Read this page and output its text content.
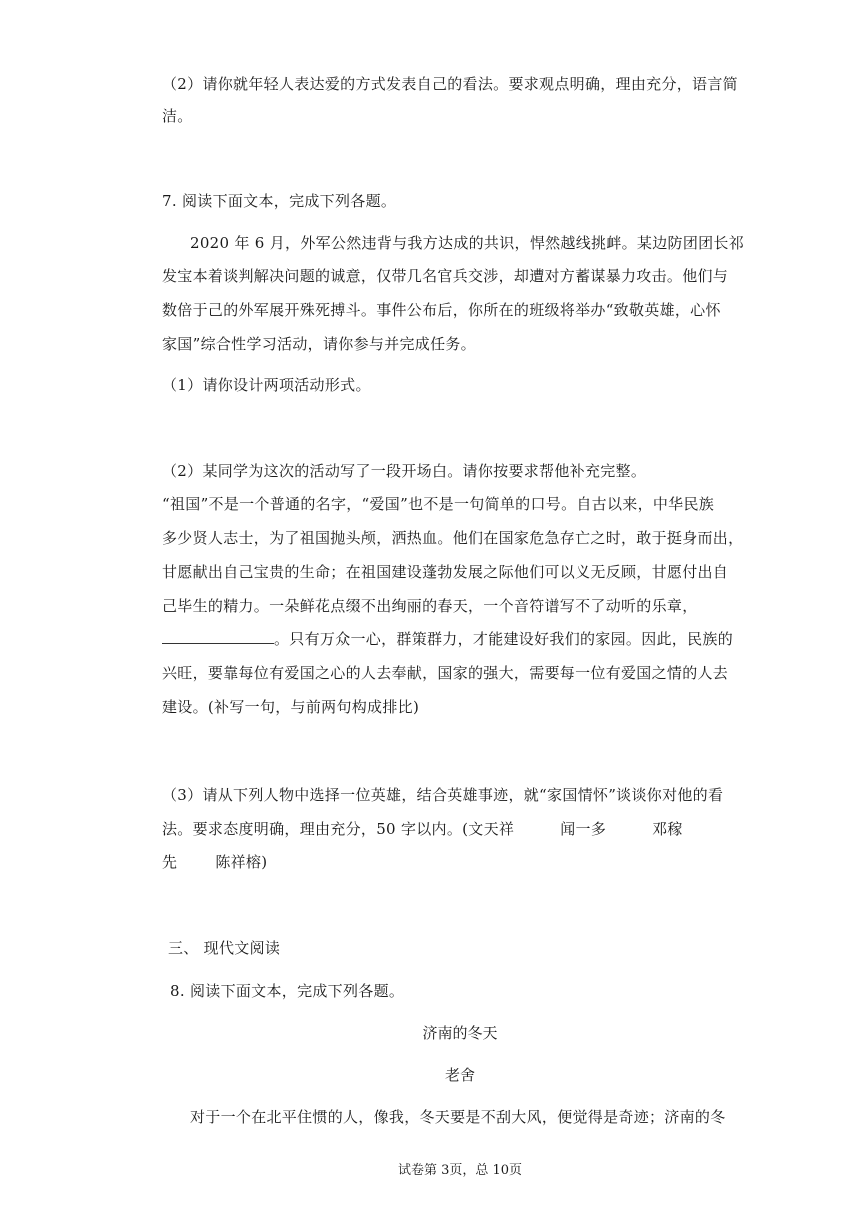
（2）请你就年轻人表达爱的方式发表自己的看法。要求观点明确，理由充分，语言简

洁。

7. 阅读下面文本，完成下列各题。

2020 年 6 月，外军公然违背与我方达成的共识，悍然越线挑衅。某边防团团长祁

发宝本着谈判解决问题的诚意，仅带几名官兵交涉，却遭对方蓄谋暴力攻击。他们与

数倍于己的外军展开殊死搏斗。事件公布后，你所在的班级将举办“致敬英雄，心怀

家国”综合性学习活动，请你参与并完成任务。

（1）请你设计两项活动形式。

（2）某同学为这次的活动写了一段开场白。请你按要求帮他补充完整。

“祖国”不是一个普通的名字，“爱国”也不是一句简单的口号。自古以来，中华民族

多少贤人志士，为了祖国抛头颅，洒热血。他们在国家危急存亡之时，敢于挺身而出，

甘愿献出自己宝贵的生命；在祖国建设蓬勃发展之际他们可以义无反顾，甘愿付出自

己毕生的精力。一朵鲜花点缀不出绚丽的春天，一个音符谱写不了动听的乐章，

。只有万众一心，群策群力，才能建设好我们的家园。因此，民族的

兴旺，要靠每位有爱国之心的人去奉献，国家的强大，需要每一位有爱国之情的人去

建设。(补写一句，与前两句构成排比)

（3）请从下列人物中选择一位英雄，结合英雄事迹，就“家国情怀”谈谈你对他的看

法。要求态度明确，理由充分，50 字以内。(文天祥	闻一多	邓稼

先	陈祥榕)

三、 现代文阅读

8. 阅读下面文本，完成下列各题。

济南的冬天

老舍

对于一个在北平住惯的人，像我，冬天要是不刮大风，便觉得是奇迹；济南的冬

试卷第 3页，总 10页
